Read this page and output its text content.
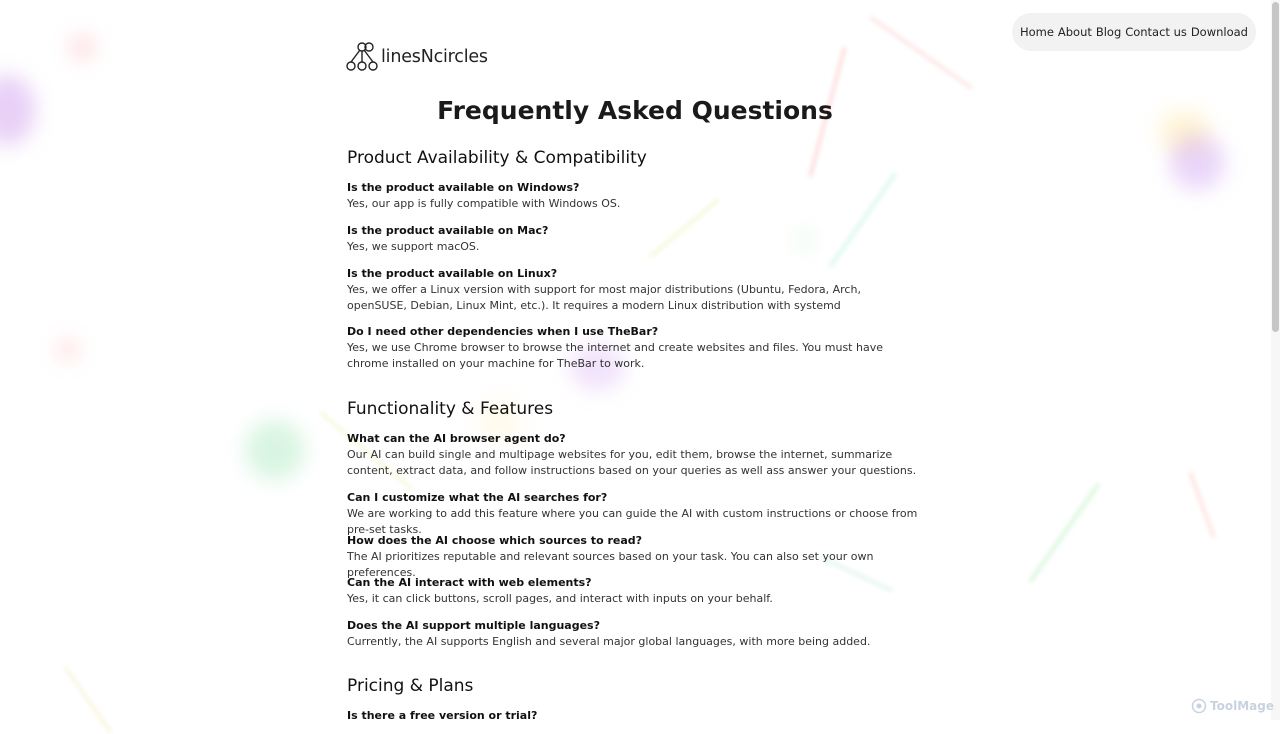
Home About Blog Contact us Download
linesNcircles
Frequently Asked Questions
Product Availability & Compatibility
Is the product available on Windows?
Yes, our app is fully compatible with Windows OS.
Is the product available on Mac?
Yes, we support macOS.
Is the product available on Linux?
Yes, we offer a Linux version with support for most major distributions (Ubuntu, Fedora, Arch, openSUSE, Debian, Linux Mint, etc.). It requires a modern Linux distribution with systemd
Do I need other dependencies when I use TheBar?
Yes, we use Chrome browser to browse the internet and create websites and files. You must have chrome installed on your machine for TheBar to work.
Functionality & Features
What can the AI browser agent do?
Our AI can build single and multipage websites for you, edit them, browse the internet, summarize content, extract data, and follow instructions based on your queries as well ass answer your questions.
Can I customize what the AI searches for?
We are working to add this feature where you can guide the AI with custom instructions or choose from pre-set tasks.
How does the AI choose which sources to read?
The AI prioritizes reputable and relevant sources based on your task. You can also set your own preferences.
Can the AI interact with web elements?
Yes, it can click buttons, scroll pages, and interact with inputs on your behalf.
Does the AI support multiple languages?
Currently, the AI supports English and several major global languages, with more being added.
Pricing & Plans
Is there a free version or trial?
ToolMage
